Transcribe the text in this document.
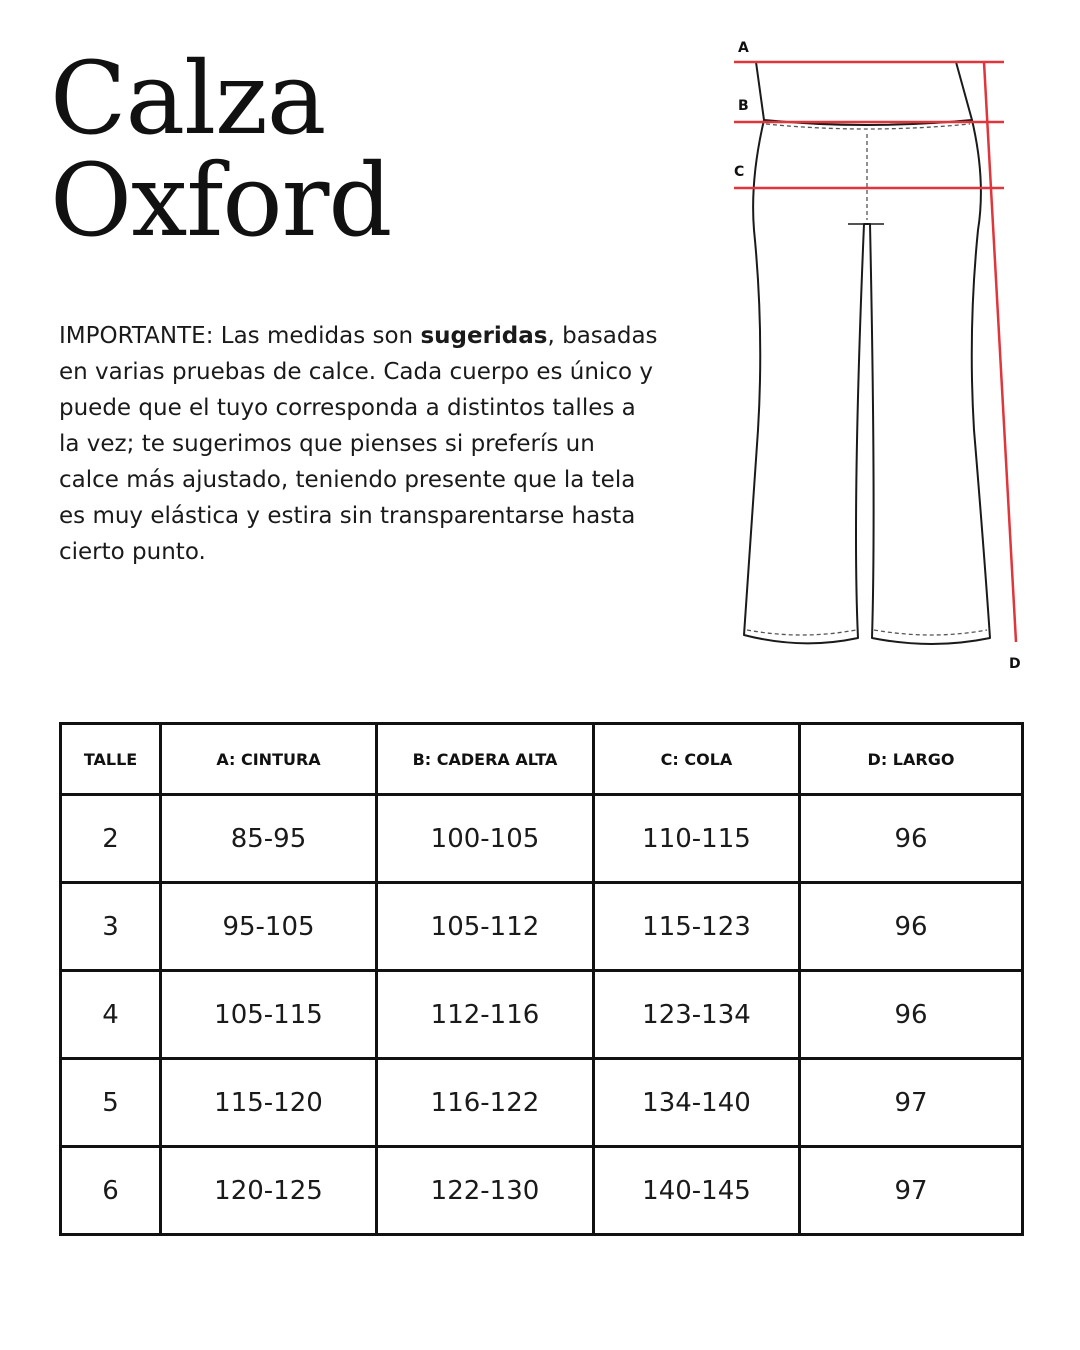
Calza
Oxford

IMPORTANTE: Las medidas son sugeridas, basadas en varias pruebas de calce. Cada cuerpo es único y puede que el tuyo corresponda a distintos talles a la vez; te sugerimos que pienses si preferís un calce más ajustado, teniendo presente que la tela es muy elástica y estira sin transparentarse hasta cierto punto.

A
B
C
D
TALLE	A: CINTURA	B: CADERA ALTA	C: COLA	D: LARGO
2	85-95	100-105	110-115	96
3	95-105	105-112	115-123	96
4	105-115	112-116	123-134	96
5	115-120	116-122	134-140	97
6	120-125	122-130	140-145	97
